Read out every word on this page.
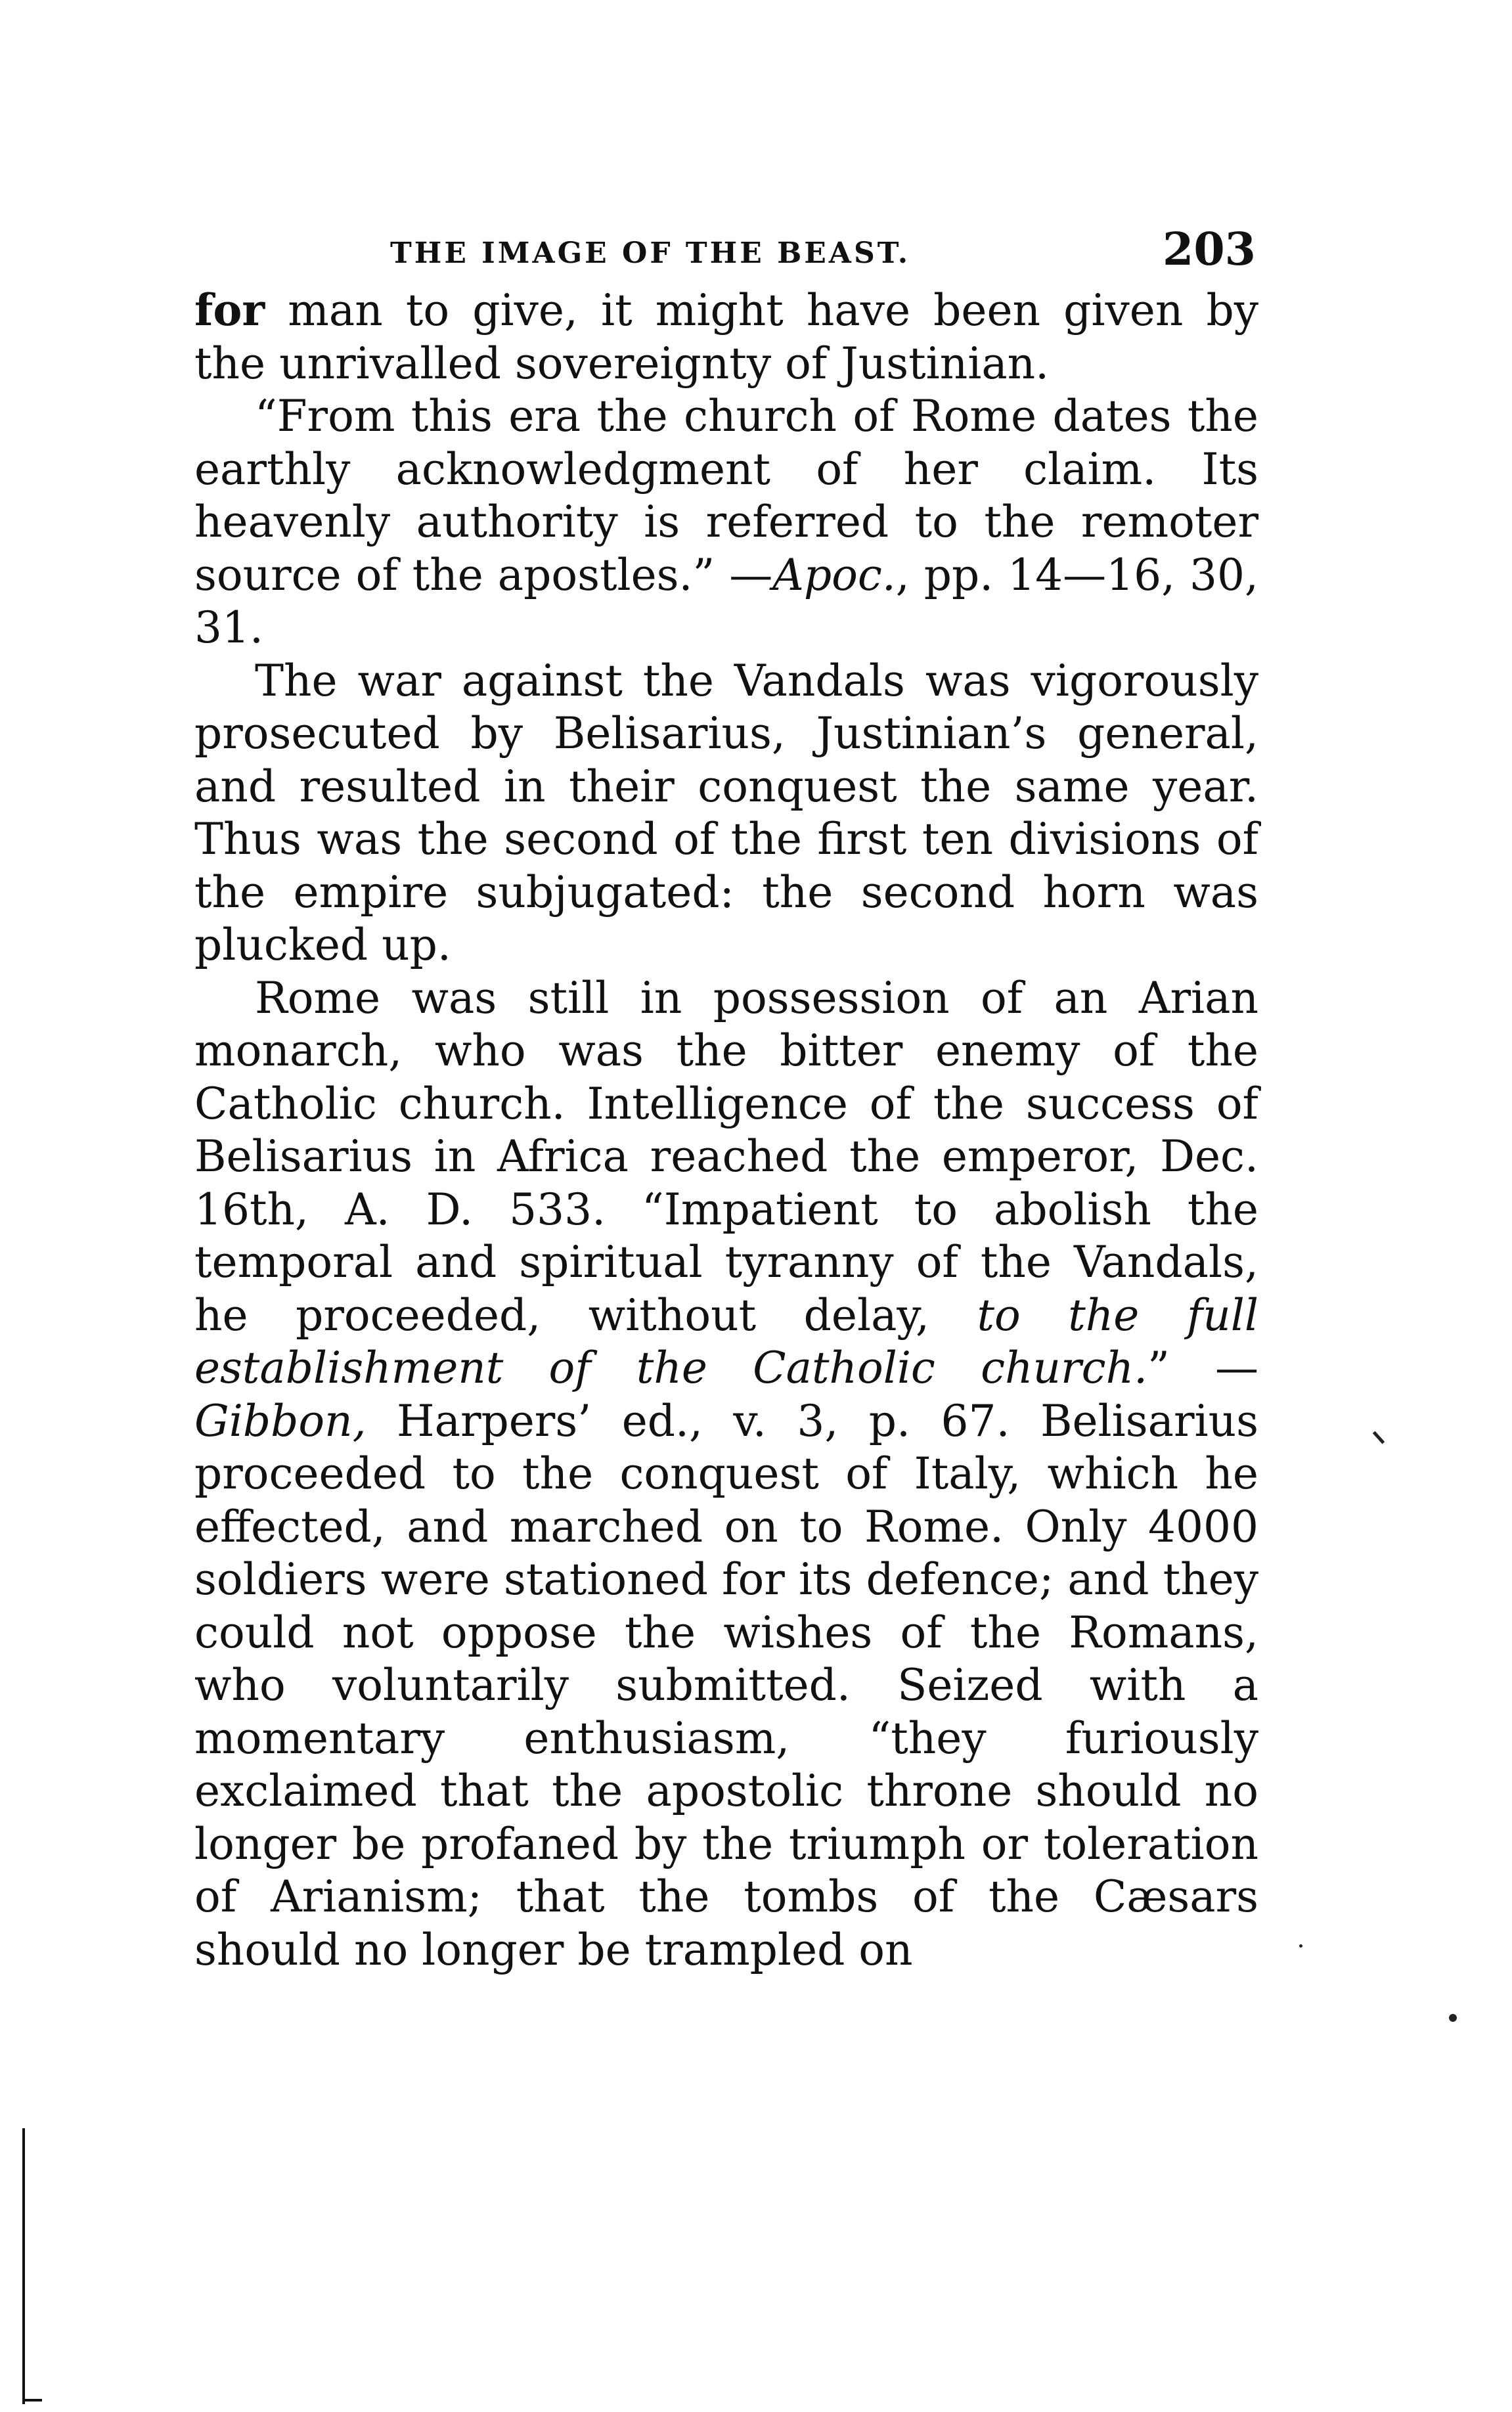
THE IMAGE OF THE BEAST.	203

for man to give, it might have been given by the unrivalled sovereignty of Justinian.

“From this era the church of Rome dates the earthly acknowledgment of her claim. Its heavenly authority is referred to the remoter source of the apostles.” —Apoc., pp. 14—16, 30, 31.

The war against the Vandals was vigorously prosecuted by Belisarius, Justinian’s general, and resulted in their conquest the same year. Thus was the second of the first ten divisions of the empire subjugated: the second horn was plucked up.

Rome was still in possession of an Arian monarch, who was the bitter enemy of the Catholic church. Intelligence of the success of Belisarius in Africa reached the emperor, Dec. 16th, A. D. 533. “Impatient to abolish the temporal and spiritual tyranny of the Vandals, he proceeded, without delay, to the full establishment of the Catholic church.” — Gibbon, Harpers’ ed., v. 3, p. 67. Belisarius proceeded to the conquest of Italy, which he effected, and marched on to Rome. Only 4000 soldiers were stationed for its defence; and they could not oppose the wishes of the Romans, who voluntarily submitted. Seized with a momentary enthusiasm, “they furiously exclaimed that the apostolic throne should no longer be profaned by the triumph or toleration of Arianism; that the tombs of the Cæsars should no longer be trampled on
